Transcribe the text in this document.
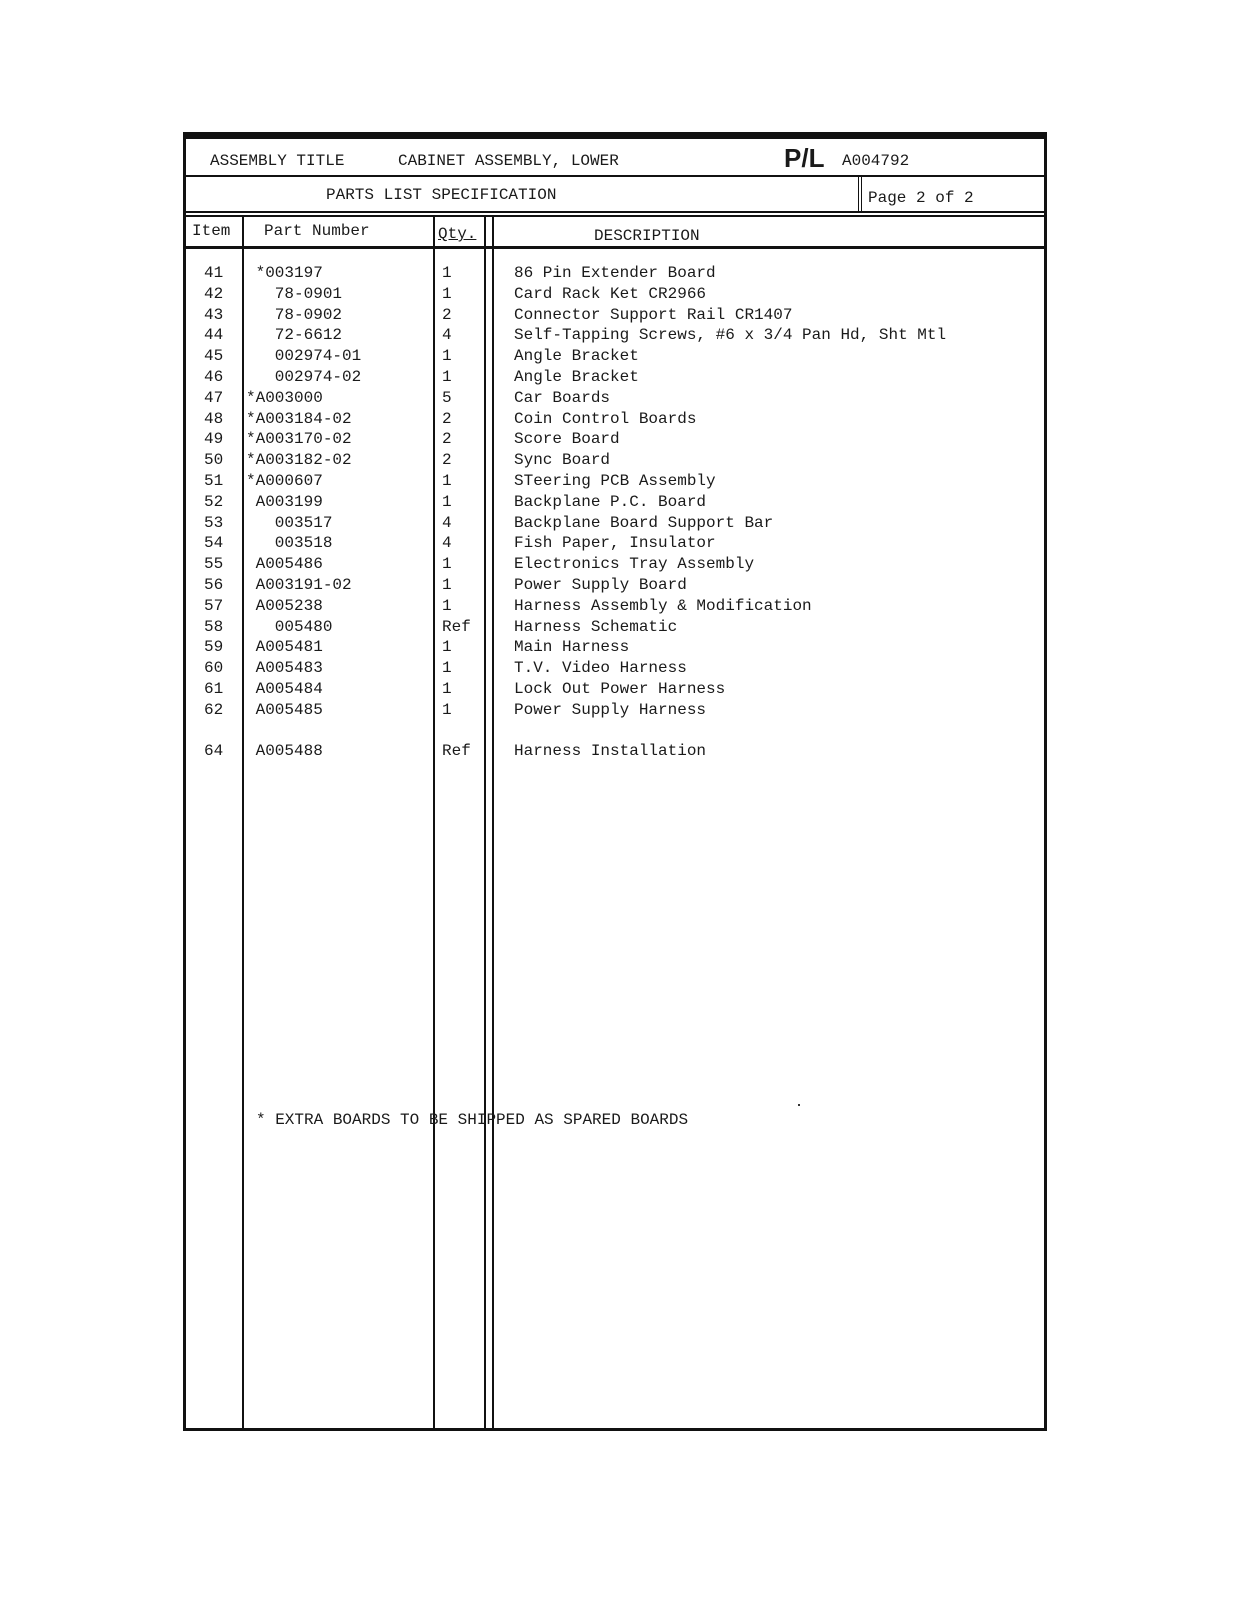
ASSEMBLY TITLE	CABINET ASSEMBLY, LOWER	P/L A004792
PARTS LIST SPECIFICATION	Page 2 of 2
Item Part Number	Qty.	DESCRIPTION
41 *003197	1	86 Pin Extender Board
42 78-0901	1	Card Rack Ket CR2966
43 78-0902	2	Connector Support Rail CR1407
44 72-6612	4	Self-Tapping Screws, #6 x 3/4 Pan Hd, Sht Mtl
45 002974-01	1	Angle Bracket
46 002974-02	1	Angle Bracket
47 *A003000	5	Car Boards
48 *A003184-02	2	Coin Control Boards
49 *A003170-02	2	Score Board
50 *A003182-02	2	Sync Board
51 *A000607	1	STeering PCB Assembly
52 A003199	1	Backplane P.C. Board
53 003517	4	Backplane Board Support Bar
54 003518	4	Fish Paper, Insulator
55 A005486	1	Electronics Tray Assembly
56 A003191-02	1	Power Supply Board
57 A005238	1	Harness Assembly & Modification
58 005480	Ref	Harness Schematic
59 A005481	1	Main Harness
60 A005483	1	T.V. Video Harness
61 A005484	1	Lock Out Power Harness
62 A005485	1	Power Supply Harness
64 A005488	Ref	Harness Installation
* EXTRA BOARDS TO BE SHIPPED AS SPARED BOARDS
